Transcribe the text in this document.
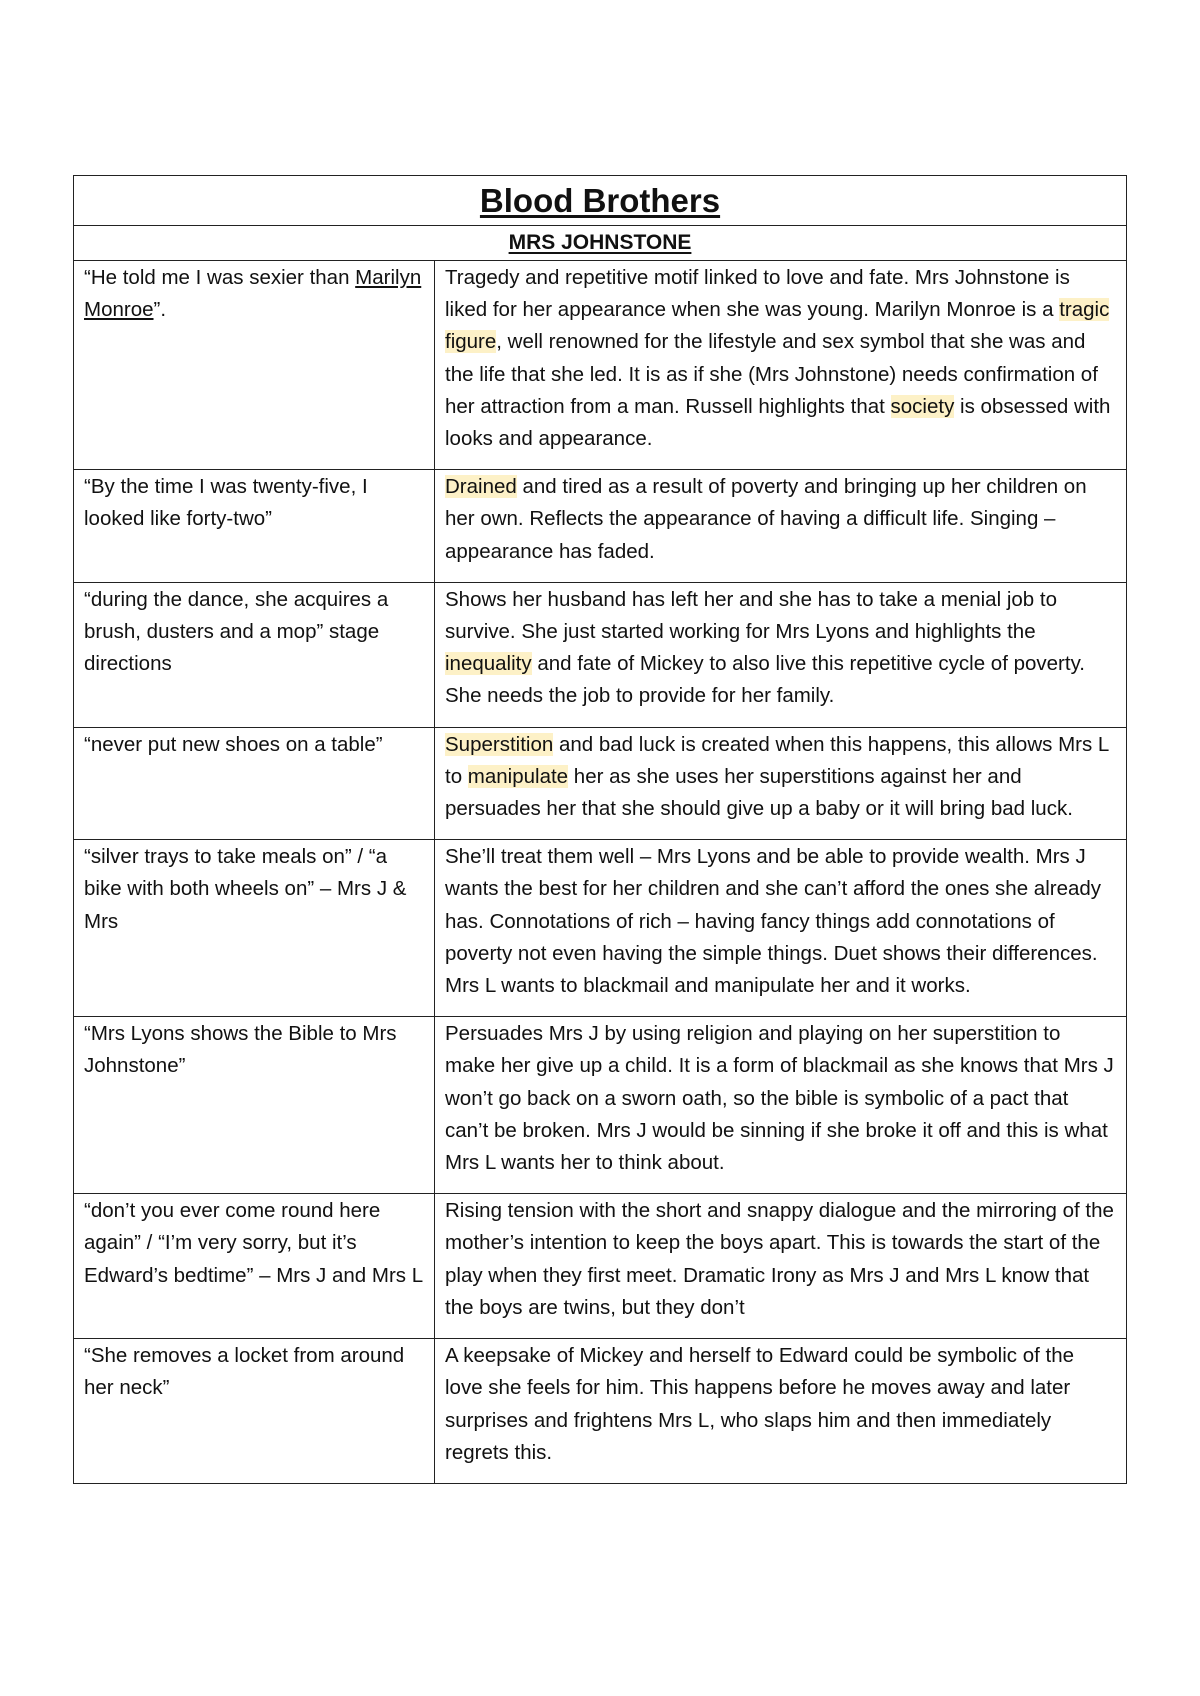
Blood Brothers	
MRS JOHNSTONE	
“He told me I was sexier than Marilyn Monroe”.	Tragedy and repetitive motif linked to love and fate. Mrs Johnstone is liked for her appearance when she was young. Marilyn Monroe is a tragic figure, well renowned for the lifestyle and sex symbol that she was and the life that she led. It is as if she (Mrs Johnstone) needs confirmation of her attraction from a man. Russell highlights that society is obsessed with looks and appearance.
“By the time I was twenty-five, I looked like forty-two”	Drained and tired as a result of poverty and bringing up her children on her own. Reflects the appearance of having a difficult life. Singing – appearance has faded.
“during the dance, she acquires a brush, dusters and a mop” stage directions	Shows her husband has left her and she has to take a menial job to survive. She just started working for Mrs Lyons and highlights the inequality and fate of Mickey to also live this repetitive cycle of poverty. She needs the job to provide for her family.
“never put new shoes on a table”	Superstition and bad luck is created when this happens, this allows Mrs L to manipulate her as she uses her superstitions against her and persuades her that she should give up a baby or it will bring bad luck.
“silver trays to take meals on” / “a bike with both wheels on” – Mrs J & Mrs	She’ll treat them well – Mrs Lyons and be able to provide wealth. Mrs J wants the best for her children and she can’t afford the ones she already has. Connotations of rich – having fancy things add connotations of poverty not even having the simple things. Duet shows their differences. Mrs L wants to blackmail and manipulate her and it works.
“Mrs Lyons shows the Bible to Mrs Johnstone”	Persuades Mrs J by using religion and playing on her superstition to make her give up a child. It is a form of blackmail as she knows that Mrs J won’t go back on a sworn oath, so the bible is symbolic of a pact that can’t be broken. Mrs J would be sinning if she broke it off and this is what Mrs L wants her to think about.
“don’t you ever come round here again” / “I’m very sorry, but it’s Edward’s bedtime” – Mrs J and Mrs L	Rising tension with the short and snappy dialogue and the mirroring of the mother’s intention to keep the boys apart. This is towards the start of the play when they first meet. Dramatic Irony as Mrs J and Mrs L know that the boys are twins, but they don’t
“She removes a locket from around her neck”	A keepsake of Mickey and herself to Edward could be symbolic of the love she feels for him. This happens before he moves away and later surprises and frightens Mrs L, who slaps him and then immediately regrets this.
